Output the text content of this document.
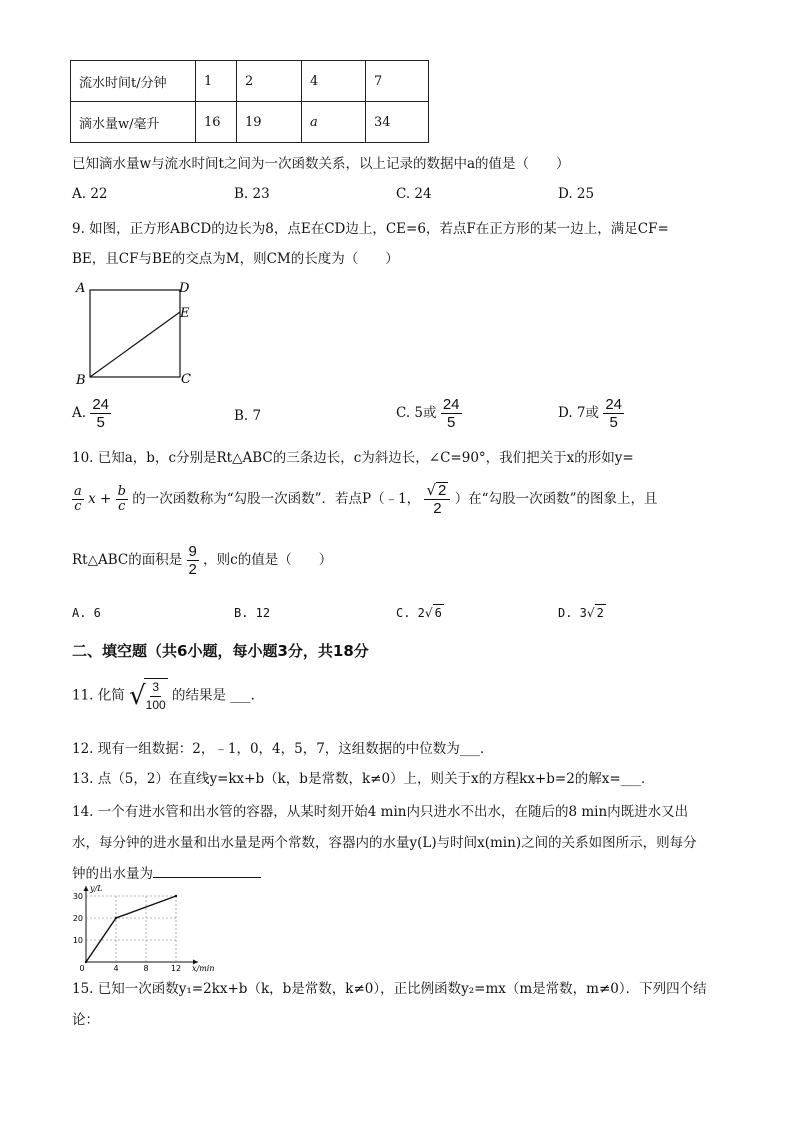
流水时间t/分钟	1	2	4	7
滴水量w/毫升	16	19	a	34
已知滴水量w与流水时间t之间为一次函数关系，以上记录的数据中a的值是（　　）
A. 22	B. 23	C. 24	D. 25
9. 如图，正方形ABCD的边长为8，点E在CD边上，CE=6，若点F在正方形的某一边上，满足CF=
BE，且CF与BE的交点为M，则CM的长度为（　　）
A	D
E
B	C
A. $\frac{24}{5}$	B. 7	C. 5或 $\frac{24}{5}$	D. 7或 $\frac{24}{5}$
10. 已知a，b，c分别是Rt△ABC的三条边长，c为斜边长，∠C=90°，我们把关于x的形如y=
$\frac{a}{c}$ $x + \frac{b}{c}$ 的一次函数称为“勾股一次函数”．若点P（﹣1， $\frac{√ 2}{2}$ ）在“勾股一次函数”的图象上，且
Rt△ABC的面积是 $\frac{9}{2}$ ，则c的值是（　　）
A. 6	B. 12	C. 2√ 6	D. 3√ 2
二、填空题（共6小题，每小题3分，共18分
11. 化简 √
$\frac{3}{100}$ 的结果是 ___.
12. 现有一组数据：2，﹣1，0，4，5，7，这组数据的中位数为___．
13. 点（5，2）在直线y=kx+b（k，b是常数，k≠0）上，则关于x的方程kx+b=2的解x=___．
14. 一个有进水管和出水管的容器，从某时刻开始4 min内只进水不出水，在随后的8 min内既进水又出
水，每分钟的进水量和出水量是两个常数，容器内的水量y(L)与时间x(min)之间的关系如图所示，则每分
钟的出水量为
10
20
30
0	4	8	12
y/L
x/min
15. 已知一次函数y₁=2kx+b（k，b是常数，k≠0），正比例函数y₂=mx（m是常数，m≠0）．下列四个结
论：
